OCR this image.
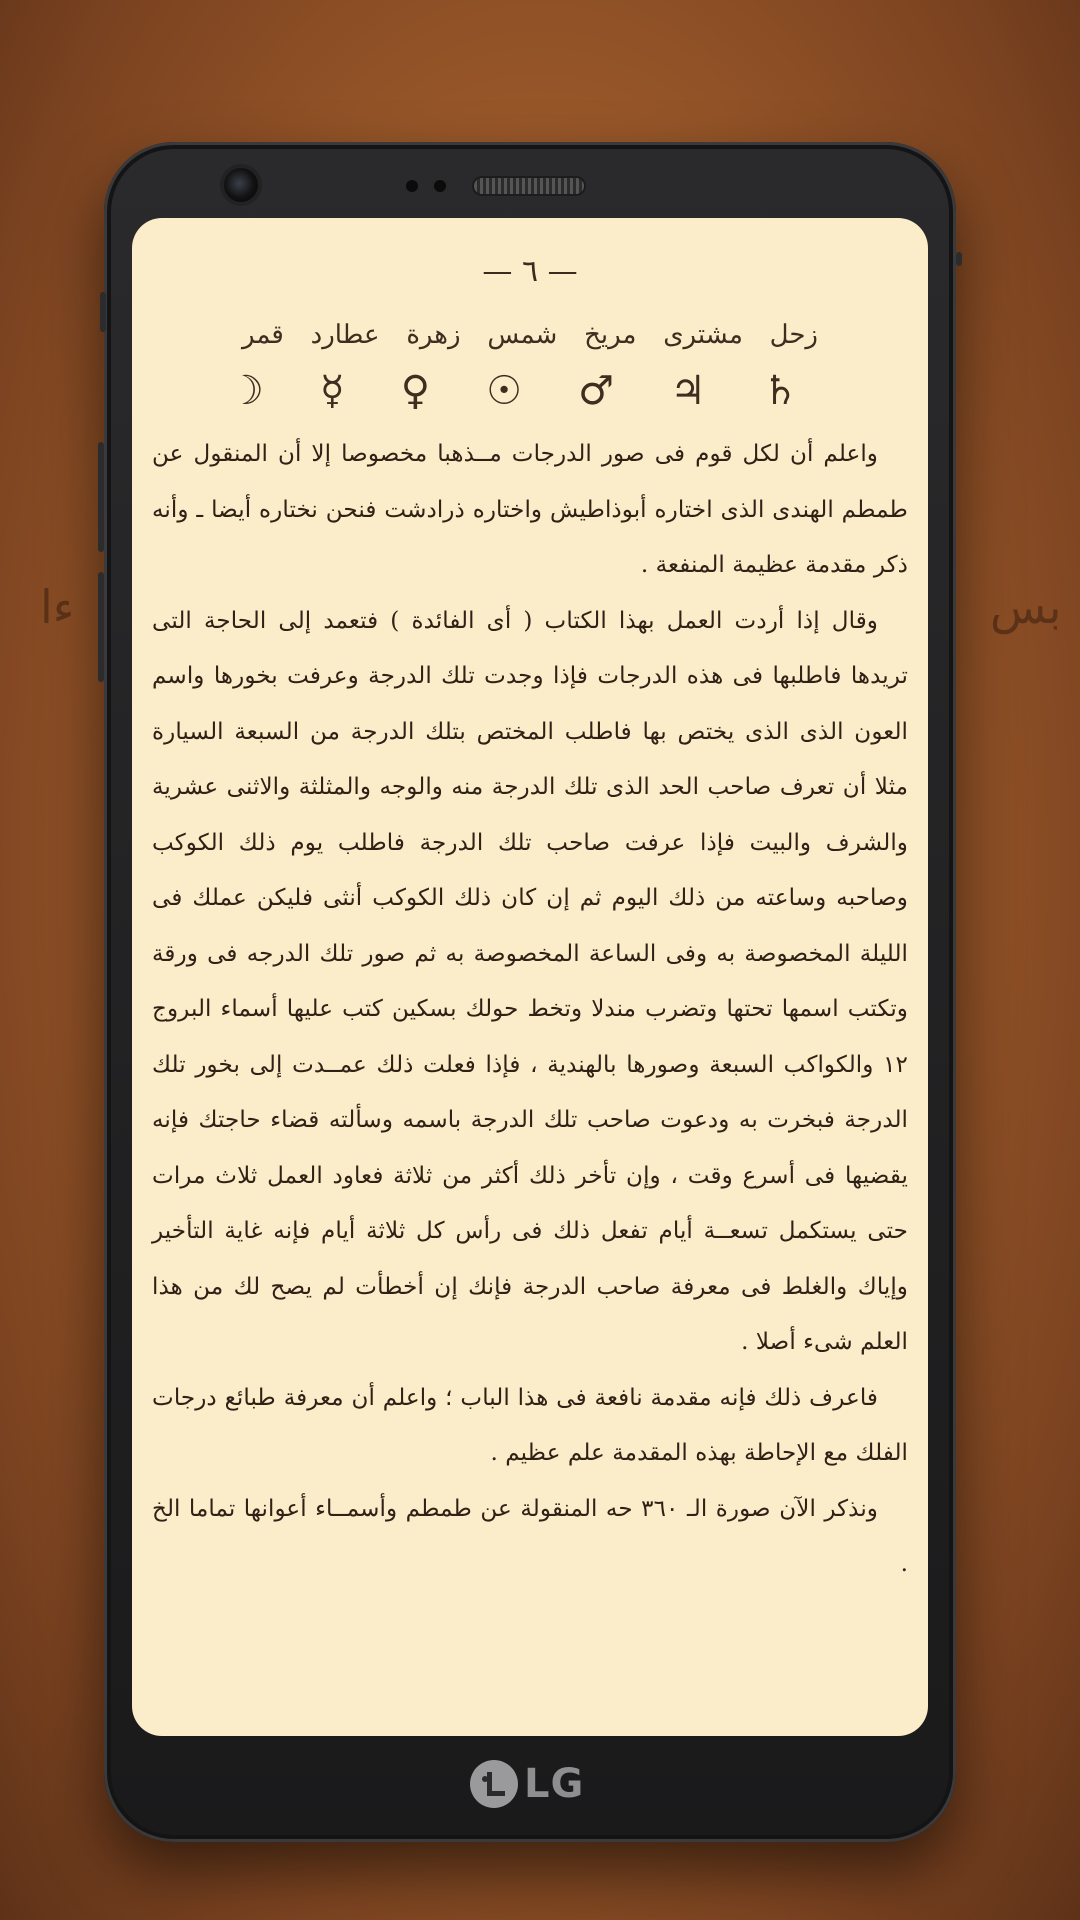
ﺀﺍ	ﺑﺲ
— ٦ —
زحل
مشترى
مريخ
شمس
زهرة
عطارد
قمر
♄
♃
♂
☉
♀
☿
☽

واعلم أن لكل قوم فى صور الدرجات مــذهبا مخصوصا إلا أن المنقول عن طمطم الهندى الذى اختاره أبوذاطيش واختاره ذرادشت فنحن نختاره أيضا ـ وأنه ذكر مقدمة عظيمة المنفعة .

وقال إذا أردت العمل بهذا الكتاب ( أى الفائدة ) فتعمد إلى الحاجة التى تريدها فاطلبها فى هذه الدرجات فإذا وجدت تلك الدرجة وعرفت بخورها واسم العون الذى الذى يختص بها فاطلب المختص بتلك الدرجة من السبعة السيارة مثلا أن تعرف صاحب الحد الذى تلك الدرجة منه والوجه والمثلثة والاثنى عشرية والشرف والبيت فإذا عرفت صاحب تلك الدرجة فاطلب يوم ذلك الكوكب وصاحبه وساعته من ذلك اليوم ثم إن كان ذلك الكوكب أنثى فليكن عملك فى الليلة المخصوصة به وفى الساعة المخصوصة به ثم صور تلك الدرجه فى ورقة وتكتب اسمها تحتها وتضرب مندلا وتخط حولك بسكين كتب عليها أسماء البروج ١٢ والكواكب السبعة وصورها بالهندية ، فإذا فعلت ذلك عمــدت إلى بخور تلك الدرجة فبخرت به ودعوت صاحب تلك الدرجة باسمه وسألته قضاء حاجتك فإنه يقضيها فى أسرع وقت ، وإن تأخر ذلك أكثر من ثلاثة فعاود العمل ثلاث مرات حتى يستكمل تسعــة أيام تفعل ذلك فى رأس كل ثلاثة أيام فإنه غاية التأخير وإياك والغلط فى معرفة صاحب الدرجة فإنك إن أخطأت لم يصح لك من هذا العلم شىء أصلا .

فاعرف ذلك فإنه مقدمة نافعة فى هذا الباب ؛ واعلم أن معرفة طبائع درجات الفلك مع الإحاطة بهذه المقدمة علم عظيم .

ونذكر الآن صورة الـ ٣٦٠ حه المنقولة عن طمطم وأسمــاء أعوانها تماما الخ .

LG
